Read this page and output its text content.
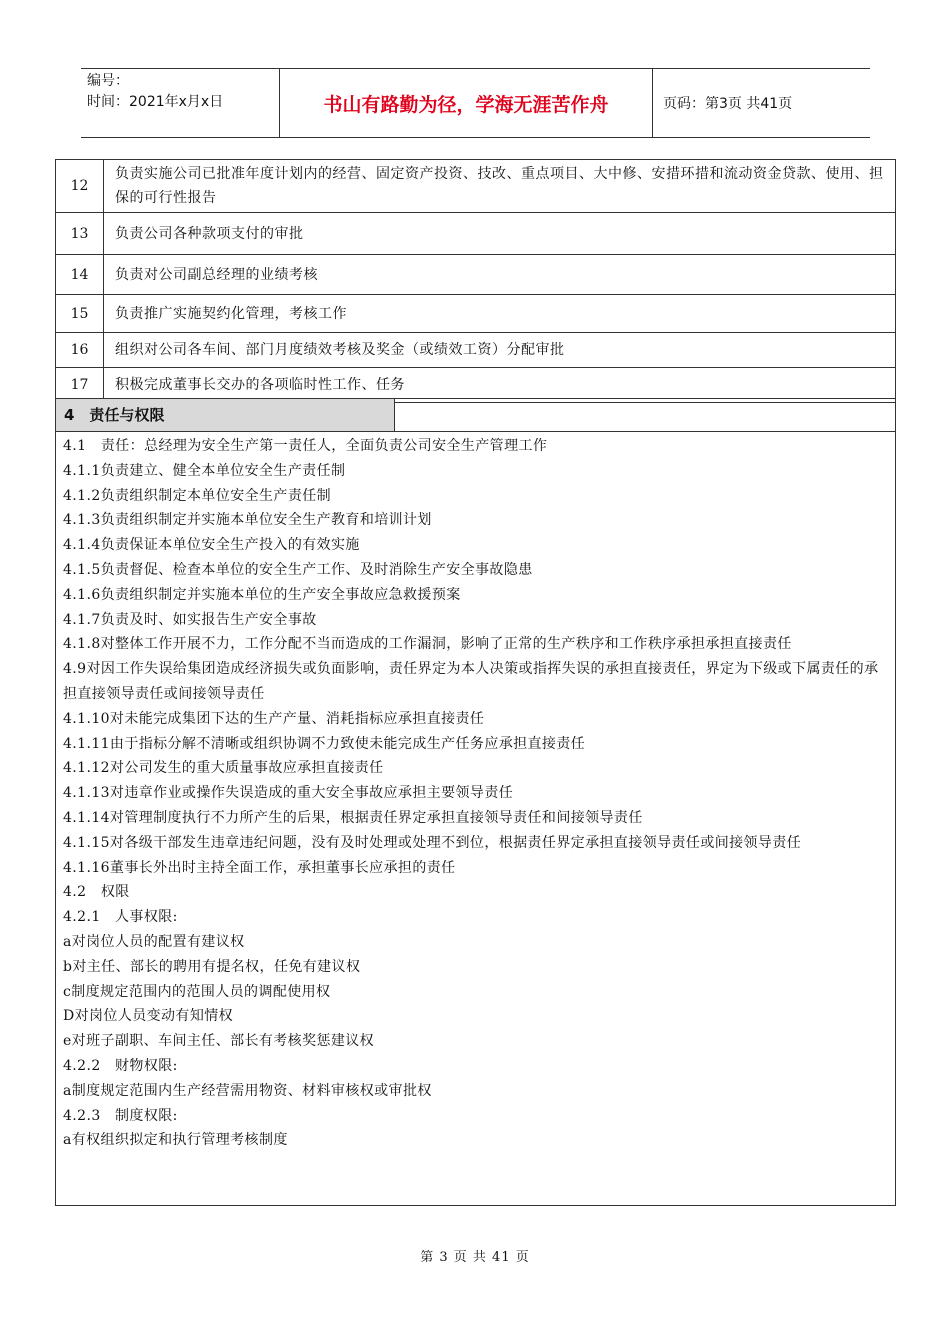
编号：
时间：2021年x月x日	书山有路勤为径，学海无涯苦作舟	页码：第3页 共41页
12	负责实施公司已批准年度计划内的经营、固定资产投资、技改、重点项目、大中修、安措环措和流动资金贷款、使用、担保的可行性报告
13	负责公司各种款项支付的审批
14	负责对公司副总经理的业绩考核
15	负责推广实施契约化管理，考核工作
16	组织对公司各车间、部门月度绩效考核及奖金（或绩效工资）分配审批
17	积极完成董事长交办的各项临时性工作、任务
4　责任与权限
4.1　责任：总经理为安全生产第一责任人，全面负责公司安全生产管理工作
4.1.1负责建立、健全本单位安全生产责任制
4.1.2负责组织制定本单位安全生产责任制
4.1.3负责组织制定并实施本单位安全生产教育和培训计划
4.1.4负责保证本单位安全生产投入的有效实施
4.1.5负责督促、检查本单位的安全生产工作、及时消除生产安全事故隐患
4.1.6负责组织制定并实施本单位的生产安全事故应急救援预案
4.1.7负责及时、如实报告生产安全事故
4.1.8对整体工作开展不力，工作分配不当而造成的工作漏洞，影响了正常的生产秩序和工作秩序承担承担直接责任
4.9对因工作失误给集团造成经济损失或负面影响，责任界定为本人决策或指挥失误的承担直接责任，界定为下级或下属责任的承担直接领导责任或间接领导责任
4.1.10对未能完成集团下达的生产产量、消耗指标应承担直接责任
4.1.11由于指标分解不清晰或组织协调不力致使未能完成生产任务应承担直接责任
4.1.12对公司发生的重大质量事故应承担直接责任
4.1.13对违章作业或操作失误造成的重大安全事故应承担主要领导责任
4.1.14对管理制度执行不力所产生的后果，根据责任界定承担直接领导责任和间接领导责任
4.1.15对各级干部发生违章违纪问题，没有及时处理或处理不到位，根据责任界定承担直接领导责任或间接领导责任
4.1.16董事长外出时主持全面工作，承担董事长应承担的责任
4.2　权限
4.2.1　人事权限:
a对岗位人员的配置有建议权
b对主任、部长的聘用有提名权，任免有建议权
c制度规定范围内的范围人员的调配使用权
D对岗位人员变动有知情权
e对班子副职、车间主任、部长有考核奖惩建议权
4.2.2　财物权限:
a制度规定范围内生产经营需用物资、材料审核权或审批权
4.2.3　制度权限:
a有权组织拟定和执行管理考核制度
第 3 页 共 41 页
